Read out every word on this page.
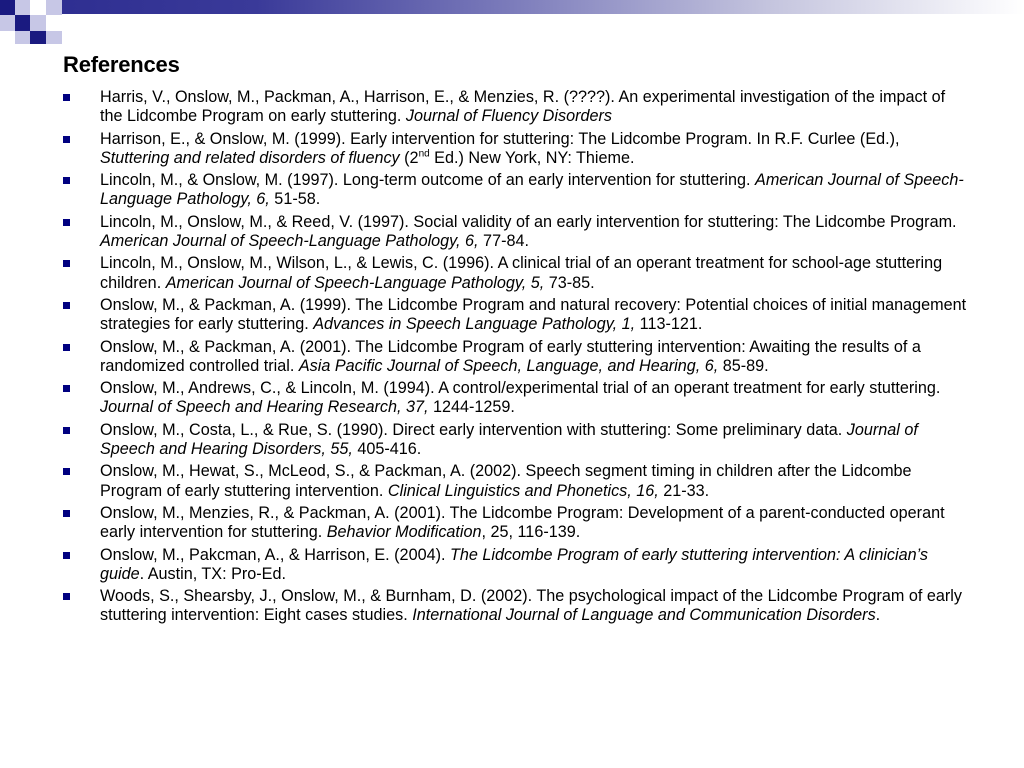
References
Harris, V., Onslow, M., Packman, A., Harrison, E., & Menzies, R. (????). An experimental investigation of the impact of the Lidcombe Program on early stuttering. Journal of Fluency Disorders
Harrison, E., & Onslow, M. (1999). Early intervention for stuttering: The Lidcombe Program. In R.F. Curlee (Ed.), Stuttering and related disorders of fluency (2nd Ed.) New York, NY: Thieme.
Lincoln, M., & Onslow, M. (1997). Long-term outcome of an early intervention for stuttering. American Journal of Speech-Language Pathology, 6, 51-58.
Lincoln, M., Onslow, M., & Reed, V. (1997). Social validity of an early intervention for stuttering: The Lidcombe Program. American Journal of Speech-Language Pathology, 6, 77-84.
Lincoln, M., Onslow, M., Wilson, L., & Lewis, C. (1996). A clinical trial of an operant treatment for school-age stuttering children. American Journal of Speech-Language Pathology, 5, 73-85.
Onslow, M., & Packman, A. (1999). The Lidcombe Program and natural recovery: Potential choices of initial management strategies for early stuttering. Advances in Speech Language Pathology, 1, 113-121.
Onslow, M., & Packman, A. (2001). The Lidcombe Program of early stuttering intervention: Awaiting the results of a randomized controlled trial. Asia Pacific Journal of Speech, Language, and Hearing, 6, 85-89.
Onslow, M., Andrews, C., & Lincoln, M. (1994). A control/experimental trial of an operant treatment for early stuttering. Journal of Speech and Hearing Research, 37, 1244-1259.
Onslow, M., Costa, L., & Rue, S. (1990). Direct early intervention with stuttering: Some preliminary data. Journal of Speech and Hearing Disorders, 55, 405-416.
Onslow, M., Hewat, S., McLeod, S., & Packman, A. (2002). Speech segment timing in children after the Lidcombe Program of early stuttering intervention. Clinical Linguistics and Phonetics, 16, 21-33.
Onslow, M., Menzies, R., & Packman, A. (2001). The Lidcombe Program: Development of a parent-conducted operant early intervention for stuttering. Behavior Modification, 25, 116-139.
Onslow, M., Pakcman, A., & Harrison, E. (2004). The Lidcombe Program of early stuttering intervention: A clinician’s guide. Austin, TX: Pro-Ed.
Woods, S., Shearsby, J., Onslow, M., & Burnham, D. (2002). The psychological impact of the Lidcombe Program of early stuttering intervention: Eight cases studies. International Journal of Language and Communication Disorders.
